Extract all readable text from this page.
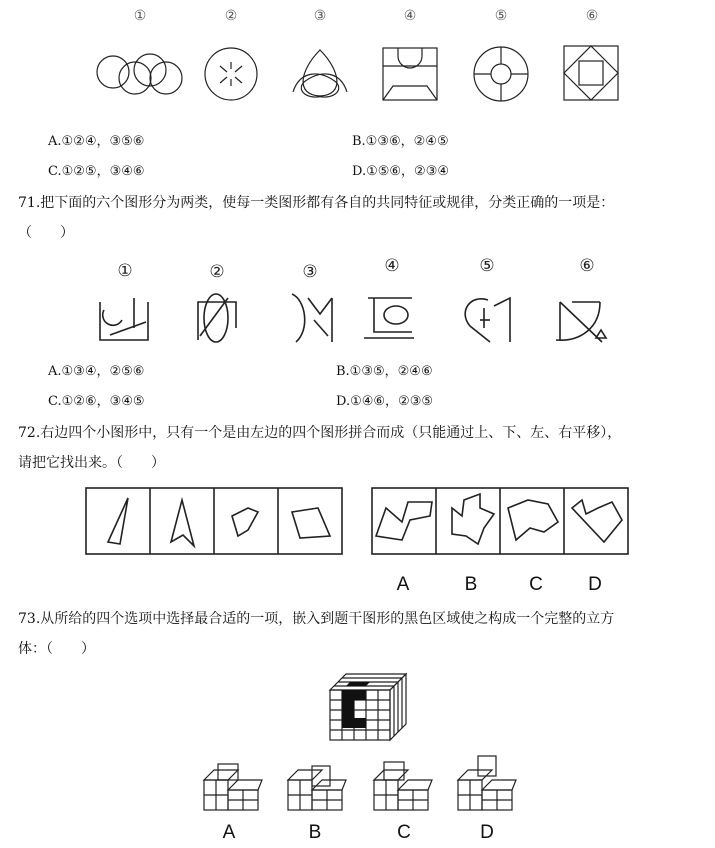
①	②	③	④	⑤	⑥
A.①②④，③⑤⑥	B.①③⑥，②④⑤
C.①②⑤，③④⑥	D.①⑤⑥，②③④
71.把下面的六个图形分为两类，使每一类图形都有各自的共同特征或规律，分类正确的一项是：
（　　）
①	②	③	④	⑤	⑥
A.①③④，②⑤⑥	B.①③⑤，②④⑥
C.①②⑥，③④⑤	D.①④⑥，②③⑤
72.右边四个小图形中，只有一个是由左边的四个图形拼合而成（只能通过上、下、左、右平移），
请把它找出来。（　　）
A	B	C D
73.从所给的四个选项中选择最合适的一项，嵌入到题干图形的黑色区域使之构成一个完整的立方
体：（　　）
A	B	C	D
